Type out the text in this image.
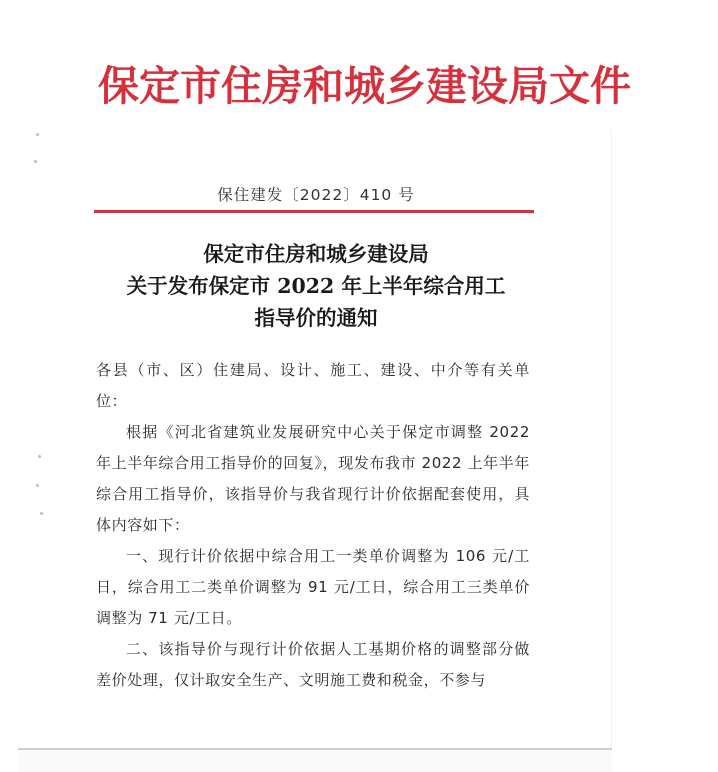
保定市住房和城乡建设局文件
保住建发〔2022〕410 号
保定市住房和城乡建设局
关于发布保定市 2022 年上半年综合用工
指导价的通知

各县（市、区）住建局、设计、施工、建设、中介等有关单位：

根据《河北省建筑业发展研究中心关于保定市调整 2022 年上半年综合用工指导价的回复》，现发布我市 2022 上年半年综合用工指导价，该指导价与我省现行计价依据配套使用，具体内容如下：

一、现行计价依据中综合用工一类单价调整为 106 元/工日，综合用工二类单价调整为 91 元/工日，综合用工三类单价调整为 71 元/工日。

二、该指导价与现行计价依据人工基期价格的调整部分做差价处理，仅计取安全生产、文明施工费和税金，不参与
